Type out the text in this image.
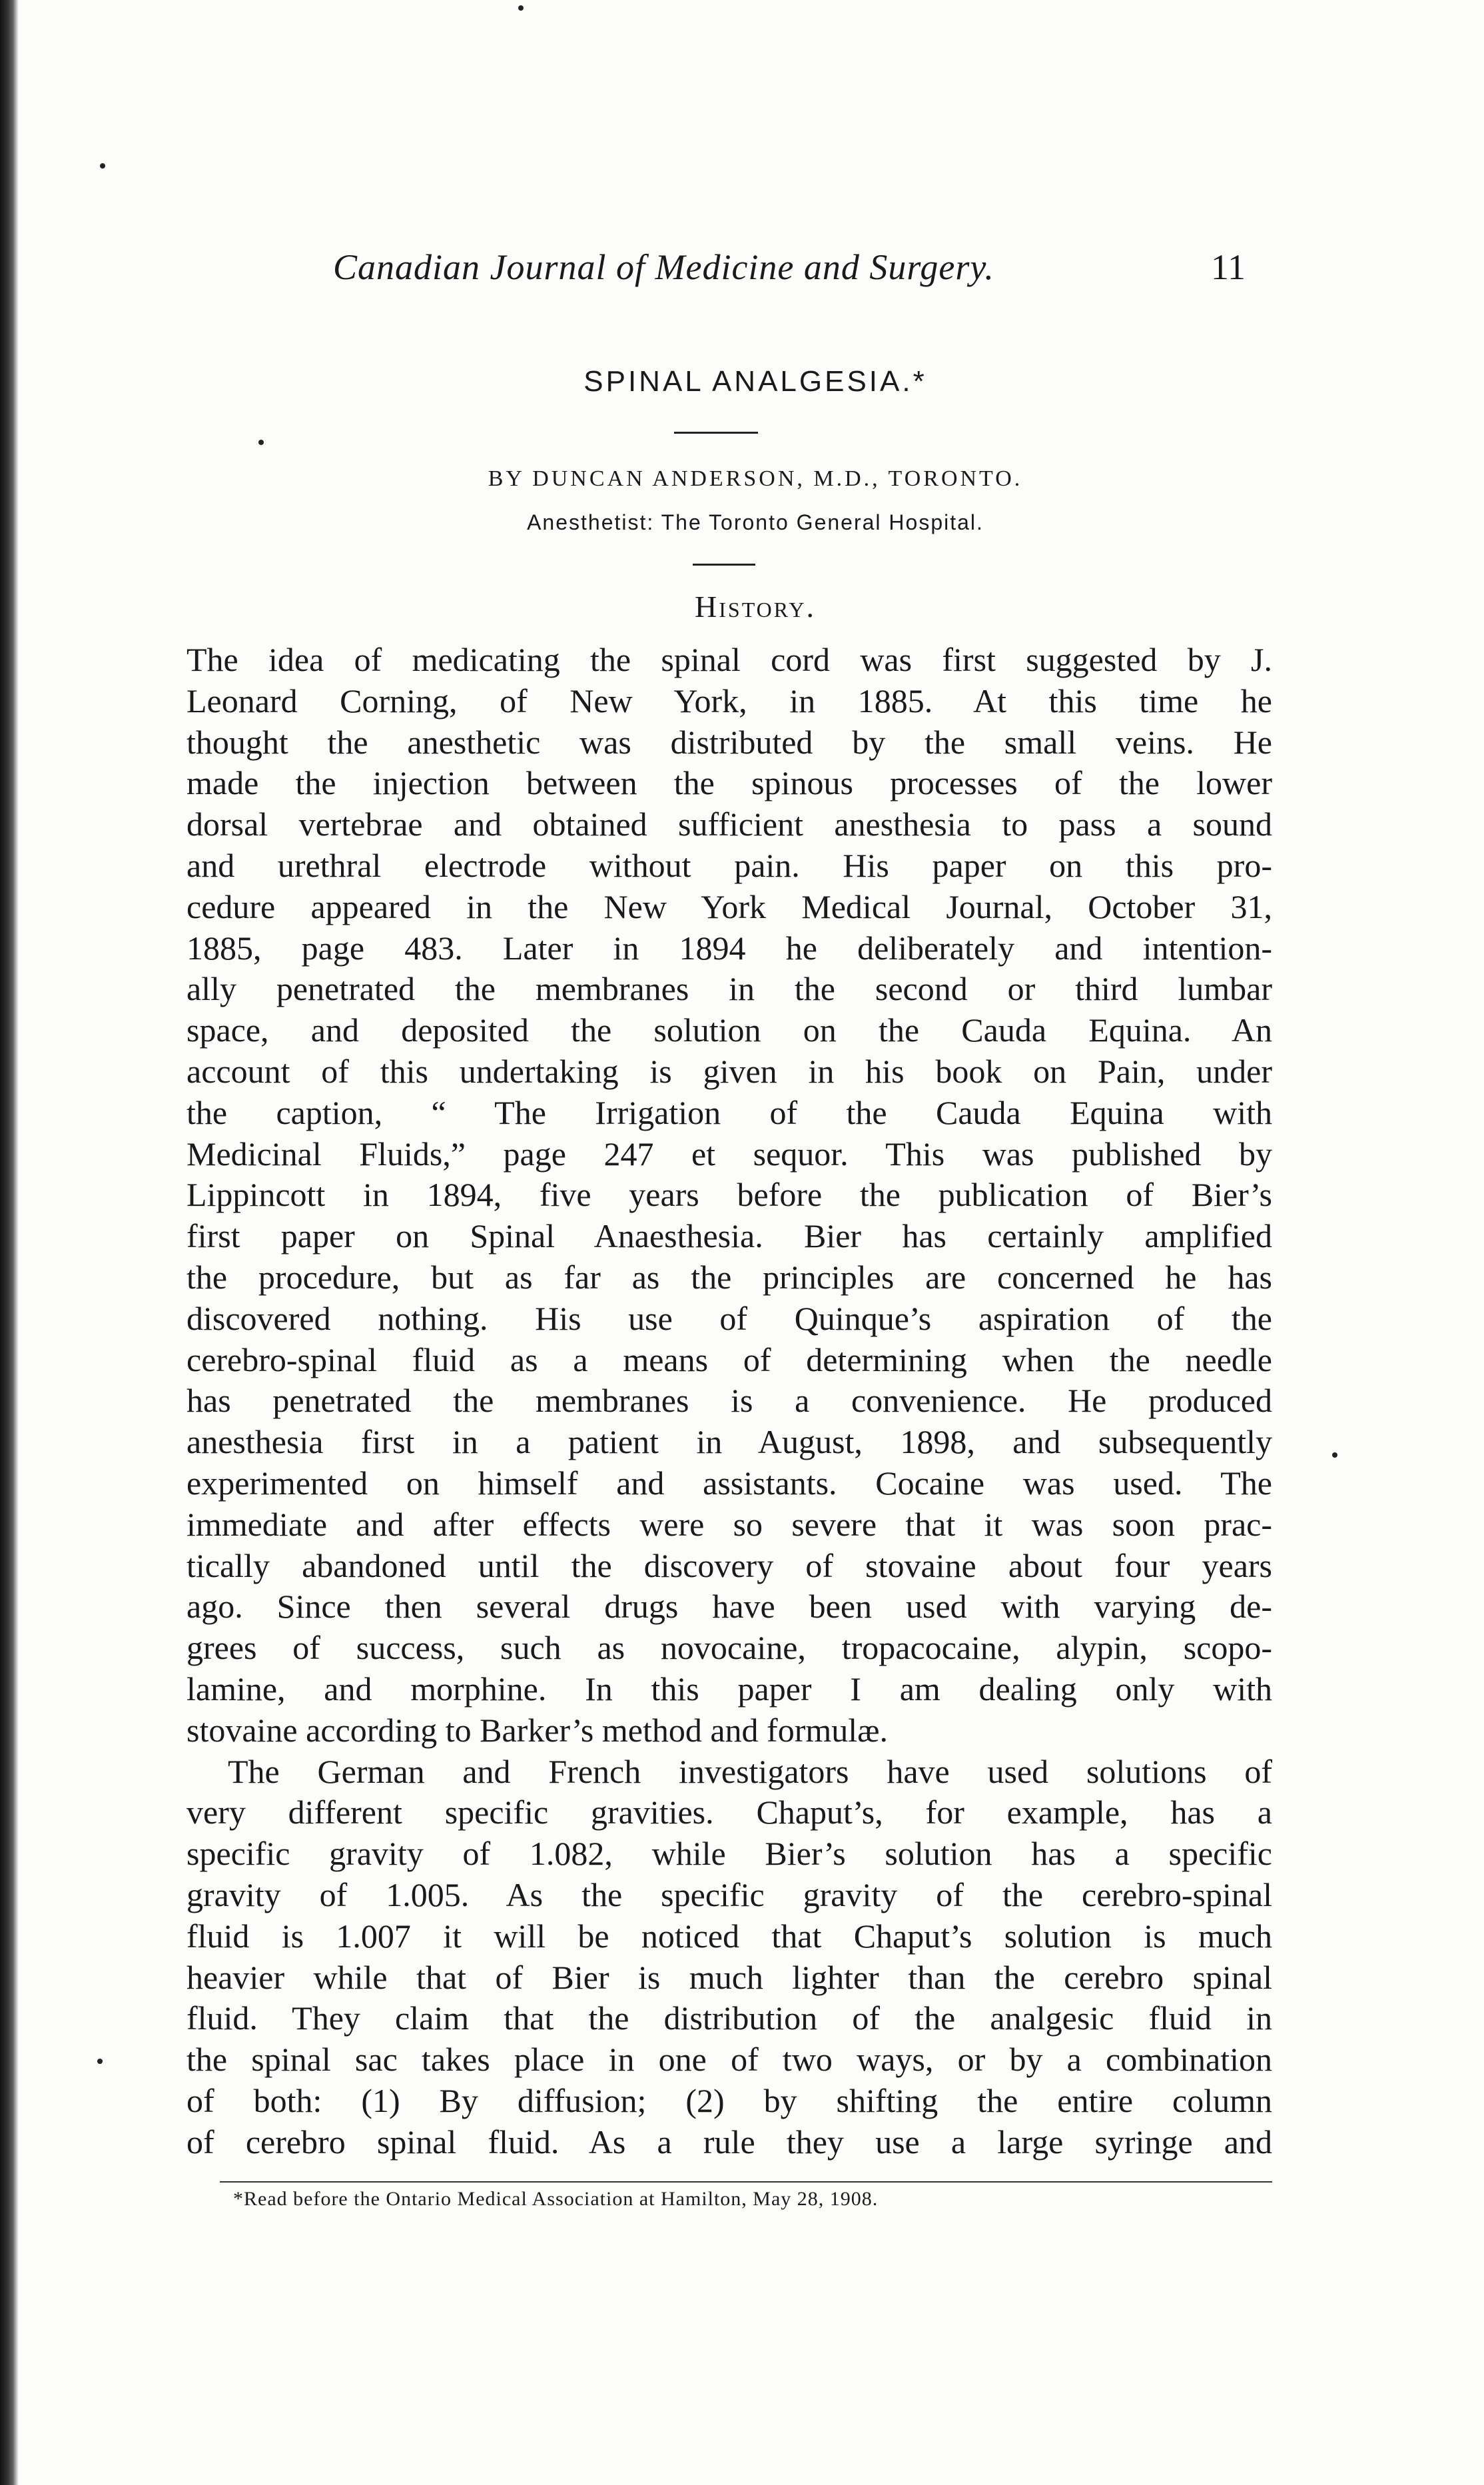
Canadian Journal of Medicine and Surgery.	11
SPINAL ANALGESIA.*
BY DUNCAN ANDERSON, M.D., TORONTO.
Anesthetist: The Toronto General Hospital.
History.

The idea of medicating the spinal cord was first suggested by J.

Leonard Corning, of New York, in 1885. At this time he

thought the anesthetic was distributed by the small veins. He

made the injection between the spinous processes of the lower

dorsal vertebrae and obtained sufficient anesthesia to pass a sound

and urethral electrode without pain. His paper on this pro-

cedure appeared in the New York Medical Journal, October 31,

1885, page 483. Later in 1894 he deliberately and intention-

ally penetrated the membranes in the second or third lumbar

space, and deposited the solution on the Cauda Equina. An

account of this undertaking is given in his book on Pain, under

the caption, “ The Irrigation of the Cauda Equina with

Medicinal Fluids,” page 247 et sequor. This was published by

Lippincott in 1894, five years before the publication of Bier’s

first paper on Spinal Anaesthesia. Bier has certainly amplified

the procedure, but as far as the principles are concerned he has

discovered nothing. His use of Quinque’s aspiration of the

cerebro-spinal fluid as a means of determining when the needle

has penetrated the membranes is a convenience. He produced

anesthesia first in a patient in August, 1898, and subsequently

experimented on himself and assistants. Cocaine was used. The

immediate and after effects were so severe that it was soon prac-

tically abandoned until the discovery of stovaine about four years

ago. Since then several drugs have been used with varying de-

grees of success, such as novocaine, tropacocaine, alypin, scopo-

lamine, and morphine. In this paper I am dealing only with

stovaine according to Barker’s method and formulæ.

The German and French investigators have used solutions of

very different specific gravities. Chaput’s, for example, has a

specific gravity of 1.082, while Bier’s solution has a specific

gravity of 1.005. As the specific gravity of the cerebro-spinal

fluid is 1.007 it will be noticed that Chaput’s solution is much

heavier while that of Bier is much lighter than the cerebro spinal

fluid. They claim that the distribution of the analgesic fluid in

the spinal sac takes place in one of two ways, or by a combination

of both: (1) By diffusion; (2) by shifting the entire column

of cerebro spinal fluid. As a rule they use a large syringe and

*Read before the Ontario Medical Association at Hamilton, May 28, 1908.
